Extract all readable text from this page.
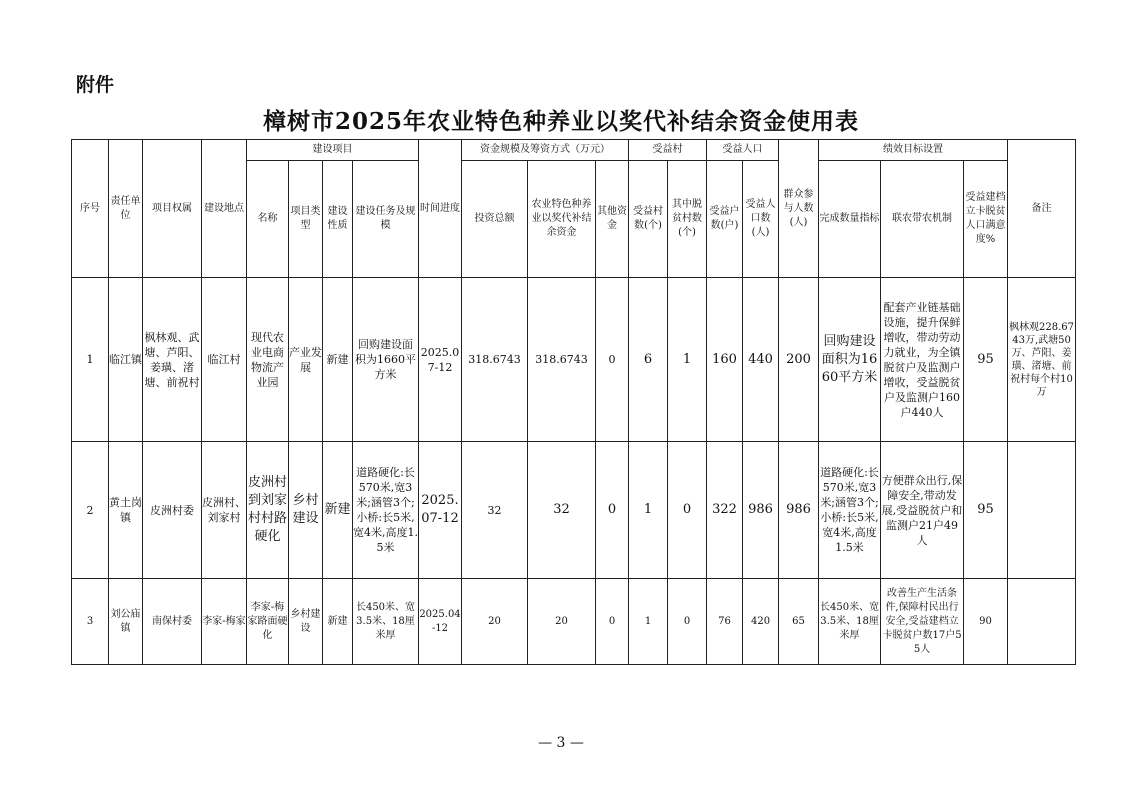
附件
樟树市2025年农业特色种养业以奖代补结余资金使用表
序号	责任单位	项目权属	建设地点	建设项目				时间进度	资金规模及筹资方式（万元）			受益村		受益人口		群众参与人数(人)	绩效目标设置			备注
				名称	项目类型	建设性质	建设任务及规模		投资总额	农业特色种养业以奖代补结余资金	其他资金	受益村数(个)	其中脱贫村数(个)	受益户数(户)	受益人口数(人)		完成数量指标	联农带农机制	受益建档立卡脱贫人口满意度%	
1	临江镇	枫林观、武塘、芦阳、姜璜、渚塘、前祝村	临江村	现代农业电商物流产业园	产业发展	新建	回购建设面积为1660平方米	2025.07-12	318.6743	318.6743	0	6	1	160	440	200	回购建设面积为1660平方米	配套产业链基础设施，提升保鲜增收，带动劳动力就业，为全镇脱贫户及监测户增收，受益脱贫户及监测户160户440人	95	枫林观228.6743万,武塘50万、芦阳、姜璜、渚塘、前祝村每个村10万
2	黄土岗镇	皮洲村委	皮洲村、刘家村	皮洲村到刘家村村路硬化	乡村建设	新建	道路硬化:长570米,宽3米;涵管3个;小桥:长5米,宽4米,高度1.5米	2025.07-12	32	32	0	1	0	322	986	986	道路硬化:长570米,宽3米;涵管3个;小桥:长5米,宽4米,高度1.5米	方便群众出行,保障安全,带动发展,受益脱贫户和监测户21户49人	95	
3	刘公庙镇	南保村委	李家-梅家	李家-梅家路面硬化	乡村建设	新建	长450米、宽3.5米、18厘米厚	2025.04-12	20	20	0	1	0	76	420	65	长450米、宽3.5米、18厘米厚	改善生产生活条件,保障村民出行安全,受益建档立卡脱贫户数17户55人	90	
— 3 —
